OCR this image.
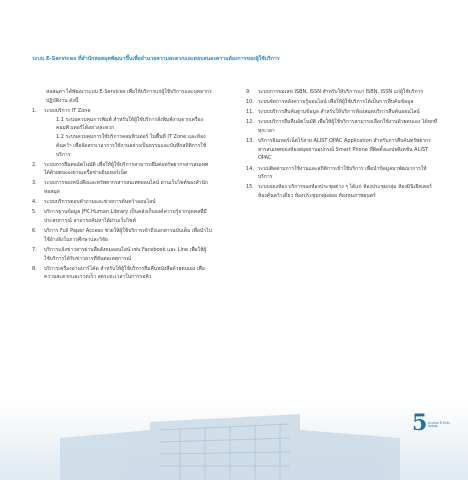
ระบบ E-Services ที่สำนักหอสมุดพัฒนาขึ้นเพื่ออำนวยความสะดวกและตอบสนองความต้องการของผู้ใช้บริการ

หอสมุดฯ ได้พัฒนาระบบ E-Services เพื่อให้บริการแก่ผู้ใช้บริการและบุคลากรปฏิบัติงาน ดังนี้

1.	ระบบบริการ IT Zone
1.1 ระบบควบคุมการพิมพ์ สำหรับให้ผู้ใช้บริการสั่งพิมพ์งานจากเครื่องคอมพิวเตอร์ได้อย่างสะดวก
1.2 ระบบควบคุมการใช้บริการคอมพิวเตอร์ ในพื้นที่ IT Zone และห้องค้นคว้า เพื่อจัดสรรเวลาการใช้งานอย่างเป็นธรรมและบันทึกสถิติการใช้บริการ
2.	ระบบการยืมต่ออัตโนมัติ เพื่อให้ผู้ใช้บริการสามารถยืมต่อทรัพยากรสารสนเทศได้ด้วยตนเองผ่านเครือข่ายอินเทอร์เน็ต
3.	ระบบการจองหนังสือและทรัพยากรสารสนเทศออนไลน์ ผ่านเว็บไซต์ของสำนักหอสมุด
4.	ระบบบริการตอบคำถามและช่วยการค้นคว้าออนไลน์
5.	บริการฐานข้อมูล JFK Human Library เป็นคลังเก็บองค์ความรู้จากบุคคลที่มีประสบการณ์ สามารถค้นหาได้ผ่านเว็บไซต์
6.	บริการ Full Paper Access ช่วยให้ผู้ใช้บริการเข้าถึงเอกสารฉบับเต็ม เพื่อนำไปใช้อ้างอิงในการศึกษาและวิจัย
7.	บริการแจ้งข่าวสารผ่านสื่อสังคมออนไลน์ เช่น Facebook และ Line เพื่อให้ผู้ใช้บริการได้รับข่าวสารที่ทันต่อเหตุการณ์
8.	บริการเครื่องอ่านบาร์โค้ด สำหรับให้ผู้ใช้บริการยืมคืนหนังสือด้วยตนเอง เพื่อความสะดวกและรวดเร็ว ลดระยะเวลาในการรอคิว
9.	ระบบการขอเลข ISBN, ISSN สำหรับให้บริการแก่ ISBN, ISSN แก่ผู้ใช้บริการ
10. ระบบจัดการคลังความรู้ออนไลน์ เพื่อให้ผู้ใช้บริการได้เป็นการสืบค้นข้อมูล
11. ระบบบริการสืบค้นฐานข้อมูล สำหรับให้บริการห้องสมุดบริการสืบค้นออนไลน์
12. ระบบบริการยืมคืนอัตโนมัติ เพื่อให้ผู้ใช้บริการสามารถเลือกใช้งานด้วยตนเอง ได้ทุกที่ทุกเวลา
13. บริการอินเทอร์เน็ตไร้สาย ALIST OPAC Application สำหรับการสืบค้นทรัพยากรสารสนเทศของห้องสมุดผ่านอุปกรณ์ Smart Phone ที่ติดตั้งแอปพลิเคชัน ALIST OPAC
14. ระบบติดตามการใช้งานและสถิติการเข้าใช้บริการ เพื่อนำข้อมูลมาพัฒนาการให้บริการ
15. ระบบจองห้อง บริการจองห้องประชุมต่าง ๆ ได้แก่ ห้องประชุมกลุ่ม ห้องมินิเธียเตอร์ ห้องค้นคว้าเดี่ยว ห้องประชุมกลุ่มย่อย ห้องชมภาพยนตร์
5 ครบรอบ ปี สำนักหอสมุด
